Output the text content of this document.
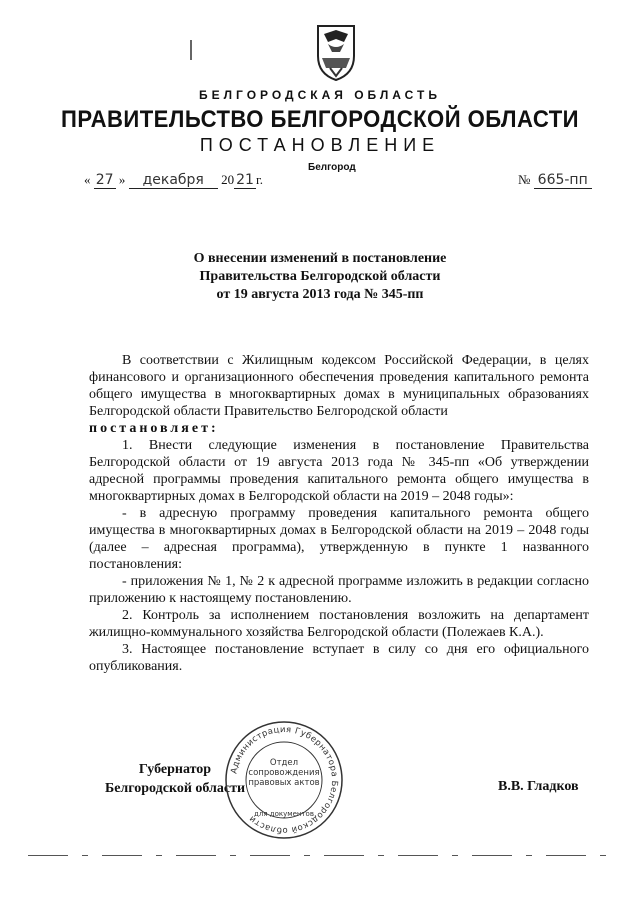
БЕЛГОРОДСКАЯ ОБЛАСТЬ
ПРАВИТЕЛЬСТВО БЕЛГОРОДСКОЙ ОБЛАСТИ
ПОСТАНОВЛЕНИЕ
Белгород
« 27 » декабря 20 21 г.	№ 665-пп
О внесении изменений в постановление
Правительства Белгородской области
от 19 августа 2013 года № 345-пп

В соответствии с Жилищным кодексом Российской Федерации, в целях финансового и организационного обеспечения проведения капитального ремонта общего имущества в многоквартирных домах в муниципальных образованиях Белгородской области Правительство Белгородской области

постановляет:

1. Внести следующие изменения в постановление Правительства Белгородской области от 19 августа 2013 года № 345-пп «Об утверждении адресной программы проведения капитального ремонта общего имущества в многоквартирных домах в Белгородской области на 2019 – 2048 годы»:

- в адресную программу проведения капитального ремонта общего имущества в многоквартирных домах в Белгородской области на 2019 – 2048 годы (далее – адресная программа), утвержденную в пункте 1 названного постановления:

- приложения № 1, № 2 к адресной программе изложить в редакции согласно приложению к настоящему постановлению.

2. Контроль за исполнением постановления возложить на департамент жилищно-коммунального хозяйства Белгородской области (Полежаев К.А.).

3. Настоящее постановление вступает в силу со дня его официального опубликования.

Губернатор
Белгородской области	В.В. Гладков
Администрация Губернатора Белгородской области
Отдел сопровождения правовых актов
для документов
